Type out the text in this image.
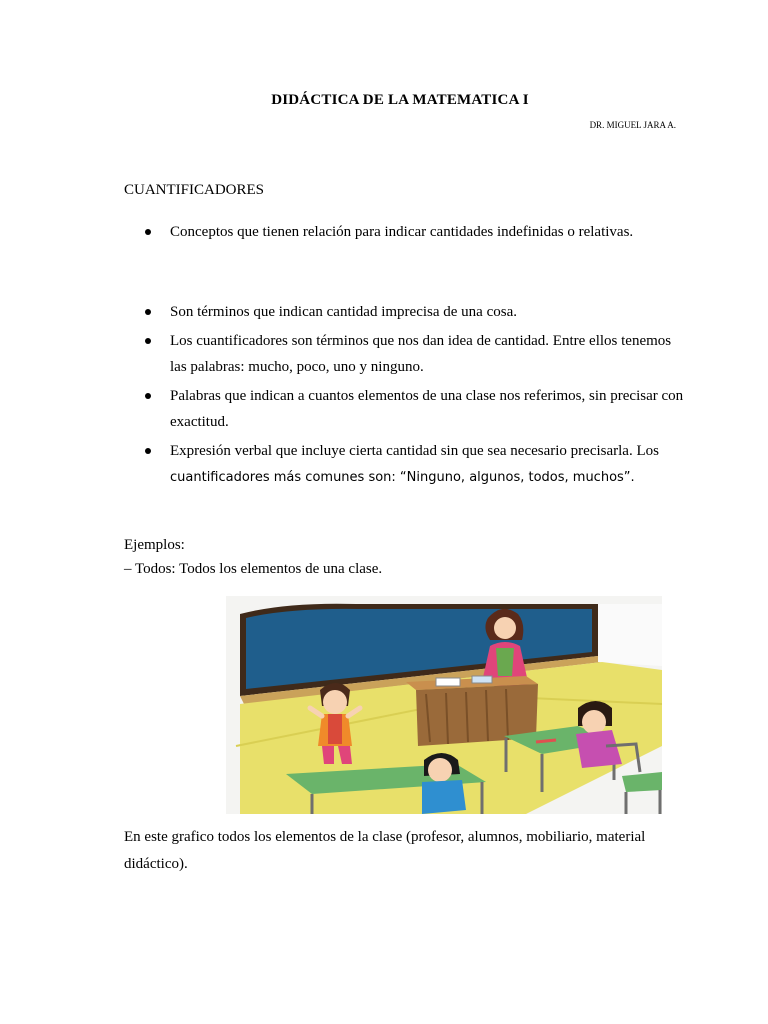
DIDÁCTICA DE LA MATEMATICA I
DR. MIGUEL JARA A.
CUANTIFICADORES
Conceptos que tienen relación para indicar cantidades indefinidas o relativas.
Son términos que indican cantidad imprecisa de una cosa.
Los cuantificadores son términos que nos dan idea de cantidad. Entre ellos tenemos las palabras: mucho, poco, uno y ninguno.
Palabras que indican a cuantos elementos de una clase nos referimos, sin precisar con exactitud.
Expresión verbal que incluye cierta cantidad sin que sea necesario precisarla. Los cuantificadores más comunes son: “Ninguno, algunos, todos, muchos”.
Ejemplos:
– Todos: Todos los elementos de una clase.
En este grafico todos los elementos de la clase (profesor, alumnos, mobiliario, material didáctico).
